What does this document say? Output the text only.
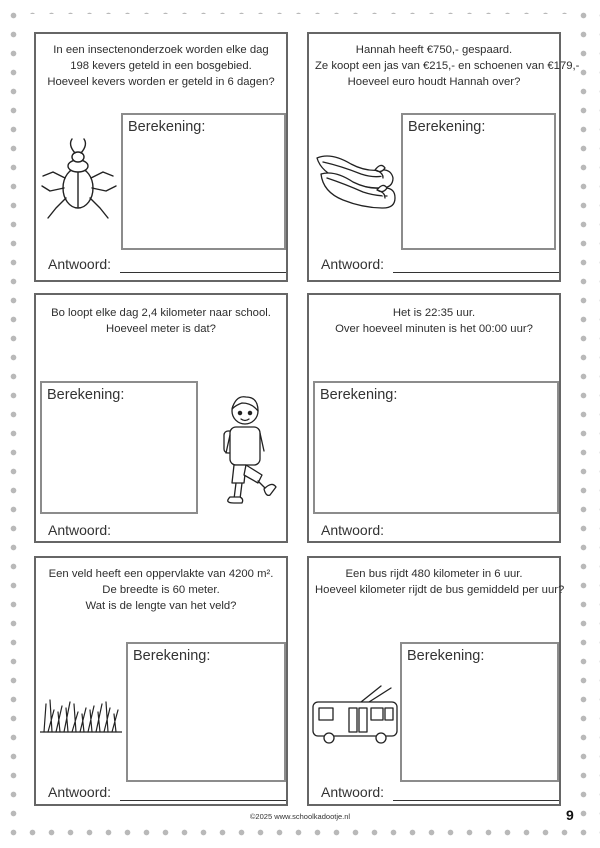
In een insectenonderzoek worden elke dag
198 kevers geteld in een bosgebied.
Hoeveel kevers worden er geteld in 6 dagen?
Berekening:
Antwoord:
Hannah heeft €750,- gespaard.
Ze koopt een jas van €215,- en schoenen van €179,-
Hoeveel euro houdt Hannah over?
Berekening:
Antwoord:
Bo loopt elke dag 2,4 kilometer naar school.
Hoeveel meter is dat?
Berekening:
Antwoord:
Het is 22:35 uur.
Over hoeveel minuten is het 00:00 uur?
Berekening:
Antwoord:
Een veld heeft een oppervlakte van 4200 m².
De breedte is 60 meter.
Wat is de lengte van het veld?
Berekening:
Antwoord:
Een bus rijdt 480 kilometer in 6 uur.
Hoeveel kilometer rijdt de bus gemiddeld per uur?
Berekening:
Antwoord:
©2025 www.schoolkadootje.nl	9
